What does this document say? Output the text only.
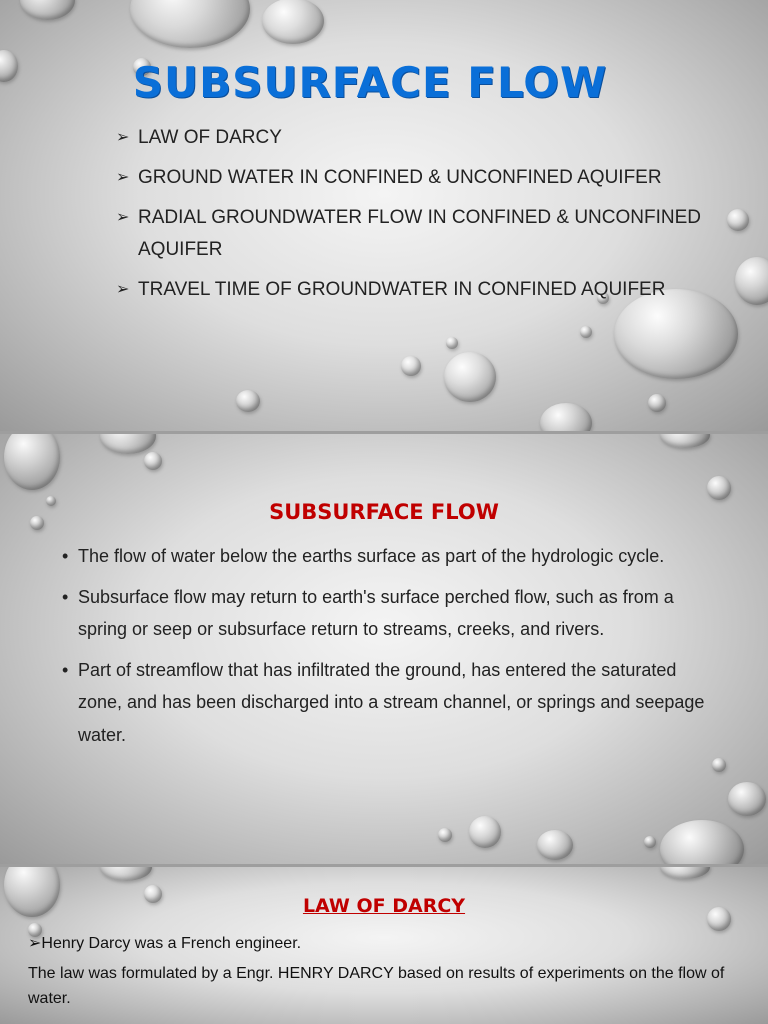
SUBSURFACE FLOW
➢ LAW OF DARCY
➢ GROUND WATER IN CONFINED & UNCONFINED AQUIFER
➢ RADIAL GROUNDWATER FLOW IN CONFINED & UNCONFINED AQUIFER
➢ TRAVEL TIME OF GROUNDWATER IN CONFINED AQUIFER
SUBSURFACE FLOW
• The flow of water below the earths surface as part of the hydrologic cycle.
• Subsurface flow may return to earth's surface perched flow, such as from a spring or seep or subsurface return to streams, creeks, and rivers.
• Part of streamflow that has infiltrated the ground, has entered the saturated zone, and has been discharged into a stream channel, or springs and seepage water.
LAW OF DARCY
➢Henry Darcy was a French engineer.
The law was formulated by a Engr. HENRY DARCY based on results of experiments on the flow of water.
